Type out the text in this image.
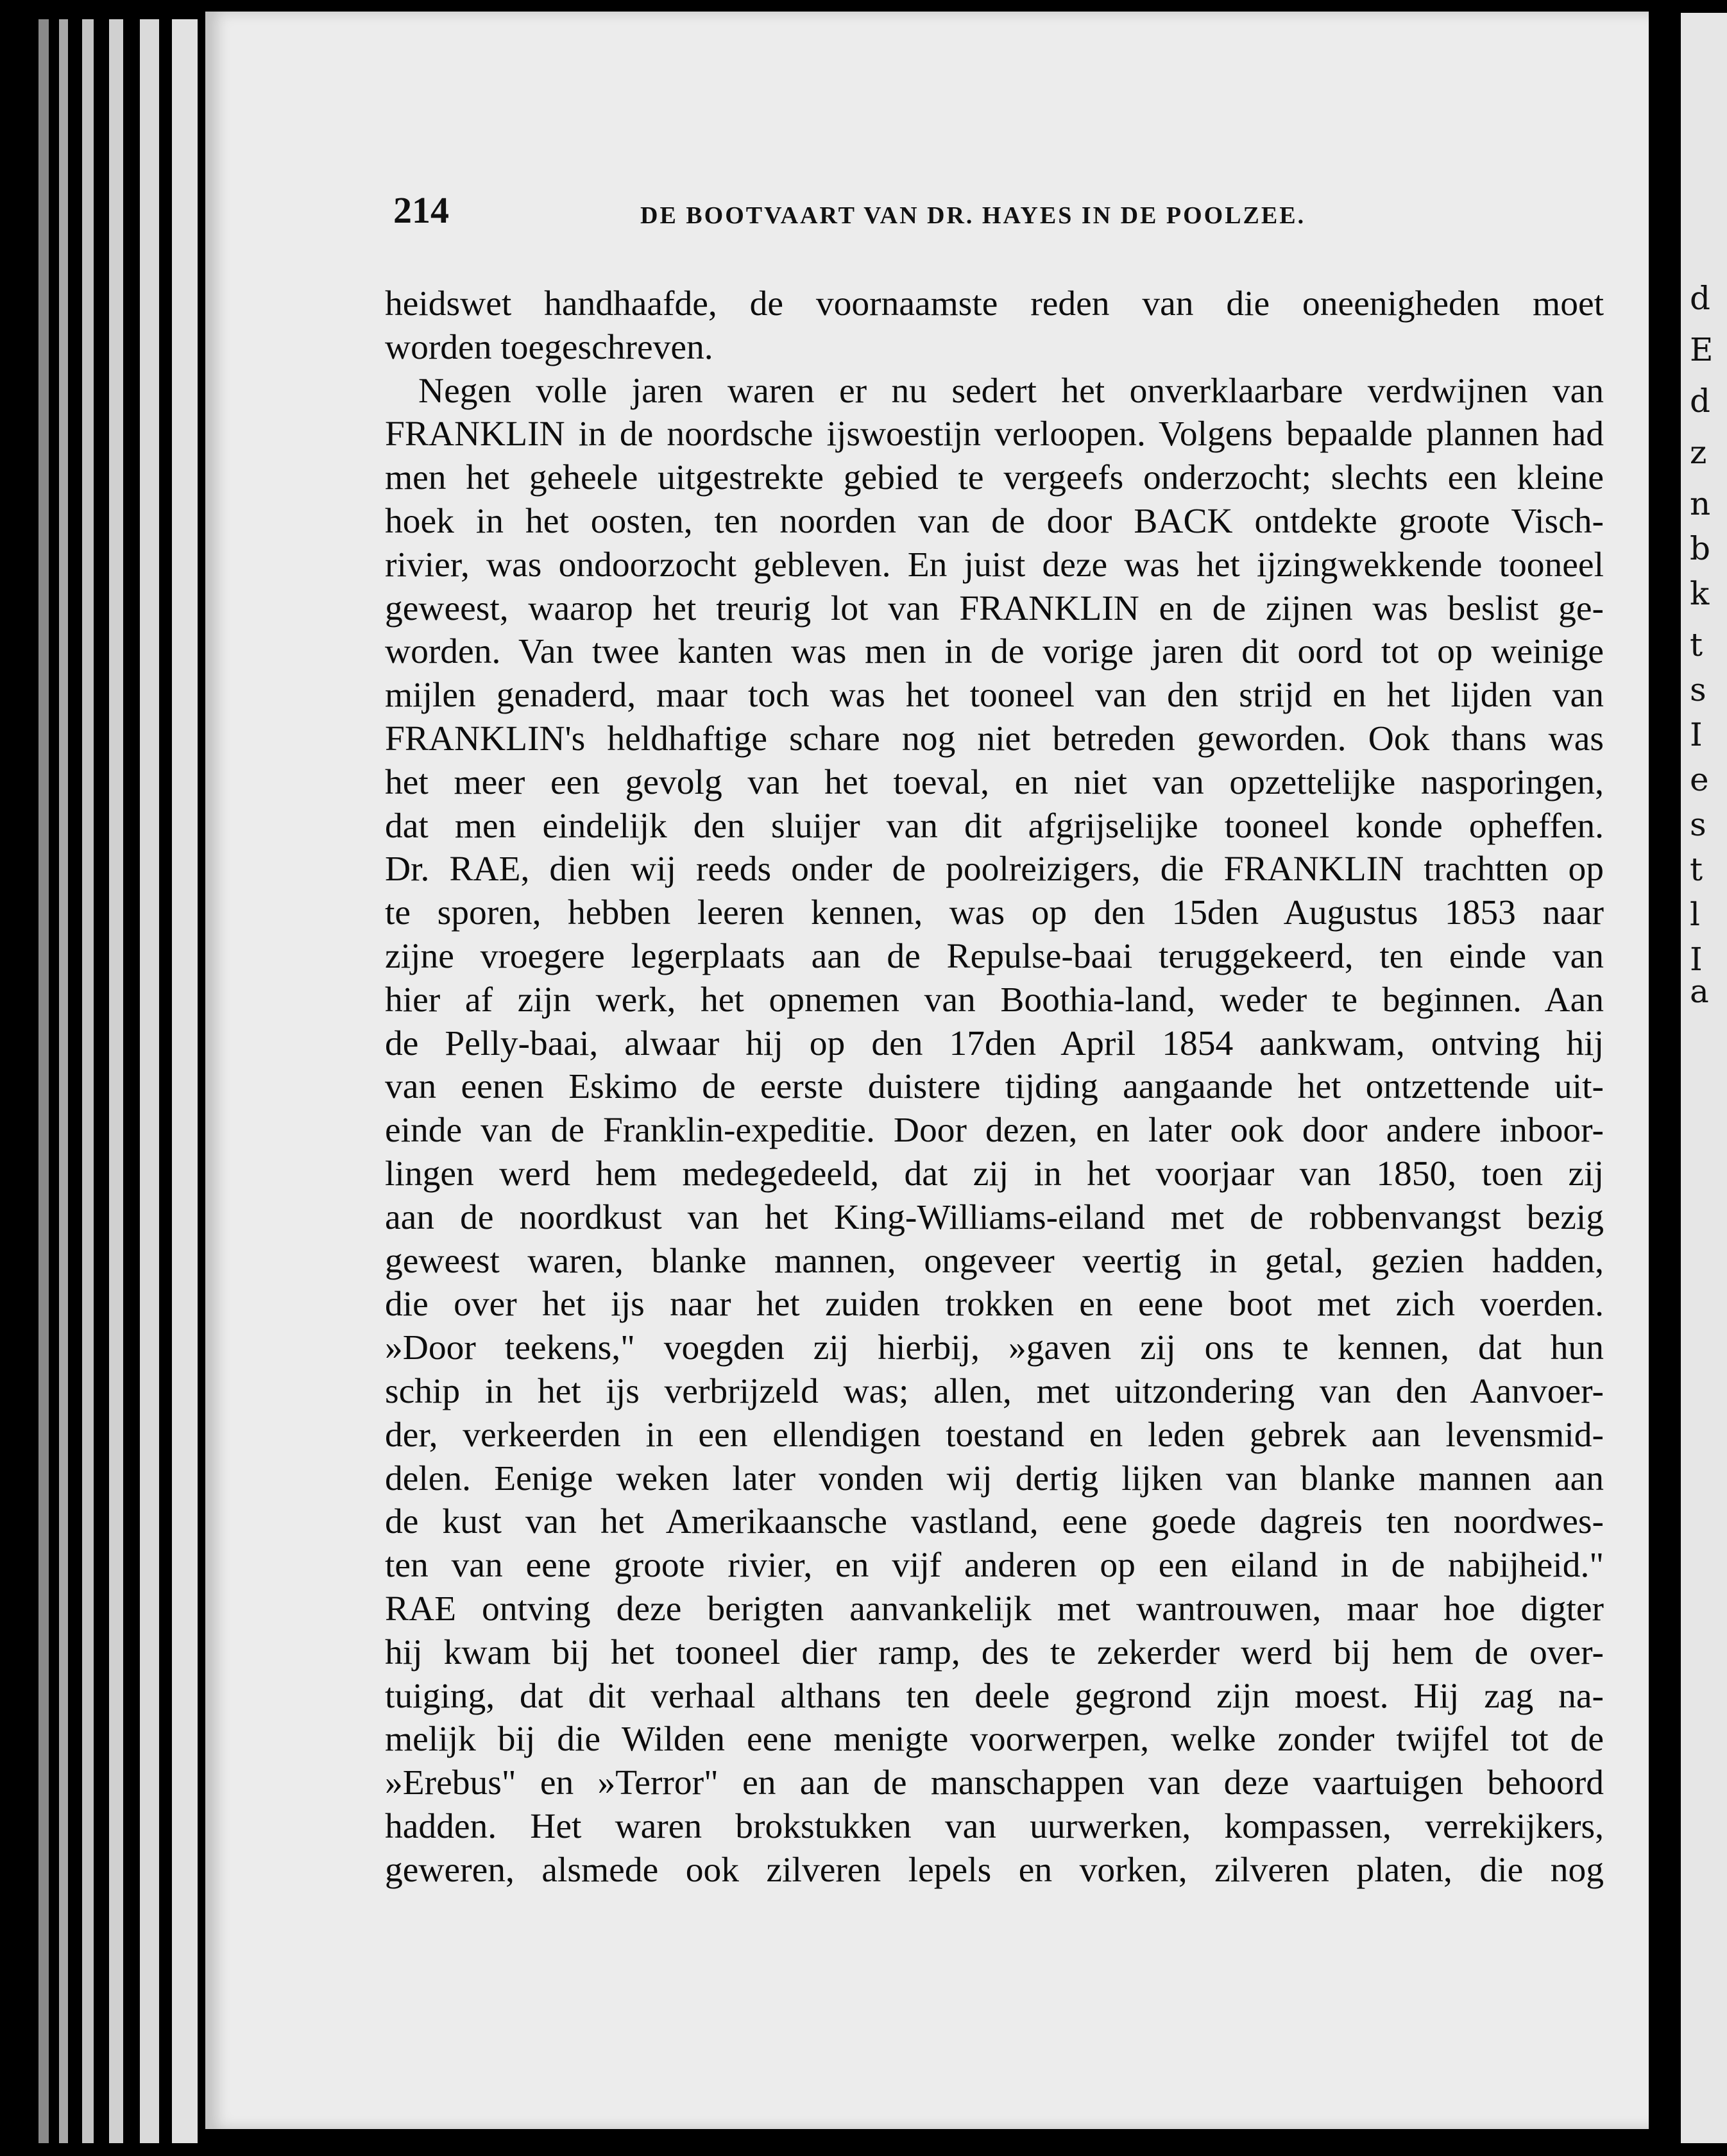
214	DE BOOTVAART VAN DR. HAYES IN DE POOLZEE.
heidswet handhaafde, de voornaamste reden van die oneenigheden moet
worden toegeschreven.
Negen volle jaren waren er nu sedert het onverklaarbare verdwijnen van
FRANKLIN in de noordsche ijswoestijn verloopen. Volgens bepaalde plannen had
men het geheele uitgestrekte gebied te vergeefs onderzocht; slechts een kleine
hoek in het oosten, ten noorden van de door BACK ontdekte groote Visch-
rivier, was ondoorzocht gebleven. En juist deze was het ijzingwekkende tooneel
geweest, waarop het treurig lot van FRANKLIN en de zijnen was beslist ge-
worden. Van twee kanten was men in de vorige jaren dit oord tot op weinige
mijlen genaderd, maar toch was het tooneel van den strijd en het lijden van
FRANKLIN's heldhaftige schare nog niet betreden geworden. Ook thans was
het meer een gevolg van het toeval, en niet van opzettelijke nasporingen,
dat men eindelijk den sluijer van dit afgrijselijke tooneel konde opheffen.
Dr. RAE, dien wij reeds onder de poolreizigers, die FRANKLIN trachtten op
te sporen, hebben leeren kennen, was op den 15den Augustus 1853 naar
zijne vroegere legerplaats aan de Repulse-baai teruggekeerd, ten einde van
hier af zijn werk, het opnemen van Boothia-land, weder te beginnen. Aan
de Pelly-baai, alwaar hij op den 17den April 1854 aankwam, ontving hij
van eenen Eskimo de eerste duistere tijding aangaande het ontzettende uit-
einde van de Franklin-expeditie. Door dezen, en later ook door andere inboor-
lingen werd hem medegedeeld, dat zij in het voorjaar van 1850, toen zij
aan de noordkust van het King-Williams-eiland met de robbenvangst bezig
geweest waren, blanke mannen, ongeveer veertig in getal, gezien hadden,
die over het ijs naar het zuiden trokken en eene boot met zich voerden.
»Door teekens," voegden zij hierbij, »gaven zij ons te kennen, dat hun
schip in het ijs verbrijzeld was; allen, met uitzondering van den Aanvoer-
der, verkeerden in een ellendigen toestand en leden gebrek aan levensmid-
delen. Eenige weken later vonden wij dertig lijken van blanke mannen aan
de kust van het Amerikaansche vastland, eene goede dagreis ten noordwes-
ten van eene groote rivier, en vijf anderen op een eiland in de nabijheid."
RAE ontving deze berigten aanvankelijk met wantrouwen, maar hoe digter
hij kwam bij het tooneel dier ramp, des te zekerder werd bij hem de over-
tuiging, dat dit verhaal althans ten deele gegrond zijn moest. Hij zag na-
melijk bij die Wilden eene menigte voorwerpen, welke zonder twijfel tot de
»Erebus" en »Terror" en aan de manschappen van deze vaartuigen behoord
hadden. Het waren brokstukken van uurwerken, kompassen, verrekijkers,
geweren, alsmede ook zilveren lepels en vorken, zilveren platen, die nog
d
E
d
z
n
b
k
t
s
I
e
s
t
l
I
a
